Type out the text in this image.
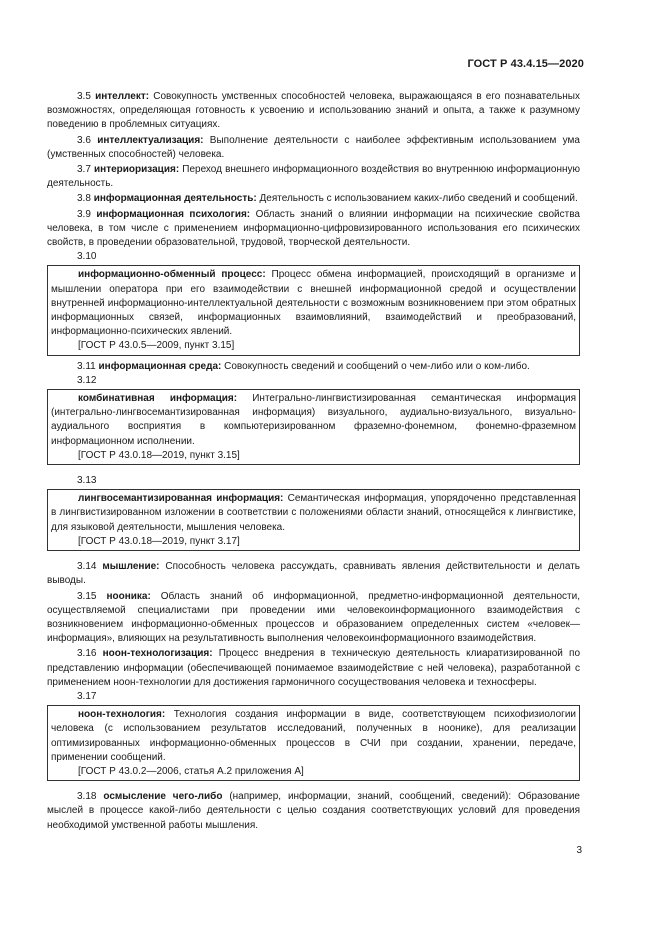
ГОСТ Р 43.4.15—2020

3.5 интеллект: Совокупность умственных способностей человека, выражающаяся в его познавательных возможностях, определяющая готовность к усвоению и использованию знаний и опыта, а также к разумному поведению в проблемных ситуациях.

3.6 интеллектуализация: Выполнение деятельности с наиболее эффективным использованием ума (умственных способностей) человека.

3.7 интериоризация: Переход внешнего информационного воздействия во внутреннюю информационную деятельность.

3.8 информационная деятельность: Деятельность с использованием каких-либо сведений и сообщений.

3.9 информационная психология: Область знаний о влиянии информации на психические свойства человека, в том числе с применением информационно-цифровизированного использования его психических свойств, в проведении образовательной, трудовой, творческой деятельности.

3.10

информационно-обменный процесс: Процесс обмена информацией, происходящий в организме и мышлении оператора при его взаимодействии с внешней информационной средой и осуществлении внутренней информационно-интеллектуальной деятельности с возможным возникновением при этом обратных информационных связей, информационных взаимовлияний, взаимодействий и преобразований, информационно-психических явлений.

[ГОСТ Р 43.0.5—2009, пункт 3.15]

3.11 информационная среда: Совокупность сведений и сообщений о чем-либо или о ком-либо.

3.12

комбинативная информация: Интегрально-лингвистизированная семантическая информация (интегрально-лингвосемантизированная информация) визуального, аудиально-визуального, визуально-аудиального восприятия в компьютеризированном фраземно-фонемном, фонемно-фраземном информационном исполнении.

[ГОСТ Р 43.0.18—2019, пункт 3.15]

3.13

лингвосемантизированная информация: Семантическая информация, упорядоченно представленная в лингвистизированном изложении в соответствии с положениями области знаний, относящейся к лингвистике, для языковой деятельности, мышления человека.

[ГОСТ Р 43.0.18—2019, пункт 3.17]

3.14 мышление: Способность человека рассуждать, сравнивать явления действительности и делать выводы.

3.15 нооника: Область знаний об информационной, предметно-информационной деятельности, осуществляемой специалистами при проведении ими человекоинформационного взаимодействия с возникновением информационно-обменных процессов и образованием определенных систем «человек—информация», влияющих на результативность выполнения человекоинформационного взаимодействия.

3.16 ноон-технологизация: Процесс внедрения в техническую деятельность клиаратизированной по представлению информации (обеспечивающей понимаемое взаимодействие с ней человека), разработанной с применением ноон-технологии для достижения гармоничного сосуществования человека и техносферы.

3.17

ноон-технология: Технология создания информации в виде, соответствующем психофизиологии человека (с использованием результатов исследований, полученных в ноонике), для реализации оптимизированных информационно-обменных процессов в СЧИ при создании, хранении, передаче, применении сообщений.

[ГОСТ Р 43.0.2—2006, статья А.2 приложения А]

3.18 осмысление чего-либо (например, информации, знаний, сообщений, сведений): Образование мыслей в процессе какой-либо деятельности с целью создания соответствующих условий для проведения необходимой умственной работы мышления.

3
